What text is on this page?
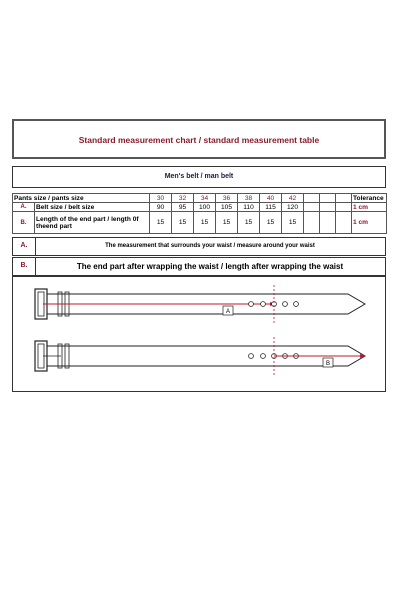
Standard measurement chart / standard measurement table
Men's belt / man belt
Pants size / pants size		30	32	34	36	38	40	42				Tolerance
A.	Belt size / belt size	90	95	100	105	110	115	120				1 cm
B.	Length of the end part / length 0f theend part	15	15	15	15	15	15	15				1 cm
A.	The measurement that surrounds your waist / measure around your waist
B.	The end part after wrapping the waist / length after wrapping the waist
A
B
